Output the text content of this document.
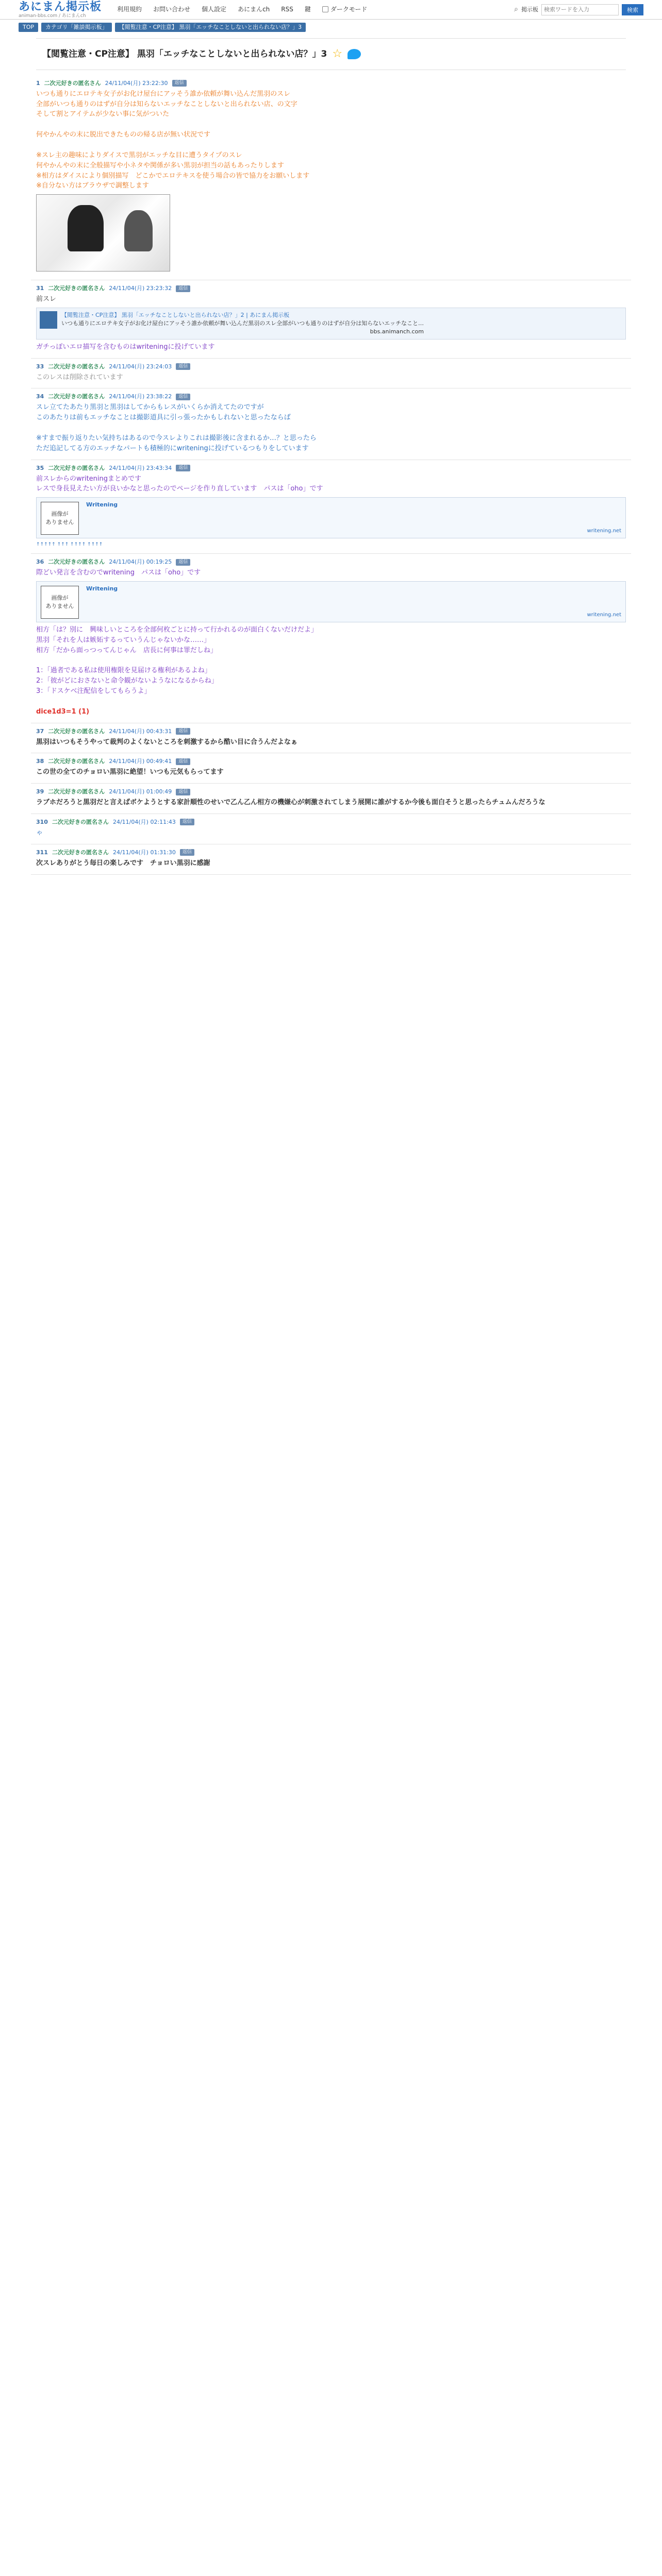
あにまん掲示板
animan-bbs.com / あにまんch
利用規約 お問い合わせ 個人設定 あにまんch RSS 鍵	ダークモード	⌕ 掲示板
検索ワードを入力	検索
TOP	カテゴリ「雑談掲示板」	【閲覧注意・CP注意】 黒羽「エッチなことしないと出られない店？」3
【閲覧注意・CP注意】 黒羽「エッチなことしないと出られない店？」3 ☆
1 二次元好きの匿名さん 24/11/04(月) 23:22:30	返信
いつも通りにエロテキ女子がお化け屋台にアッそう誰か依頼が舞い込んだ黒羽のスレ
全部がいつも通りのはずが自分は知らないエッチなことしないと出られない店、の文字
そして割とアイテムが少ない事に気がついた

何やかんやの末に脱出できたものの帰る店が無い状況です

※スレ主の趣味によりダイスで黒羽がエッチな目に遭うタイプのスレ
何やかんやの末に全般描写や小ネタや関係が多い黒羽が担当の話もあったりします
※相方はダイスにより個別描写　どこかでエロテキスを使う場合の皆で協力をお願いします
※自分ない方はブラウザで調整します
31 二次元好きの匿名さん 24/11/04(月) 23:23:32	返信
前スレ
【閲覧注意・CP注意】 黒羽「エッチなことしないと出られない店？」2 | あにまん掲示板
いつも通りにエロテキ女子がお化け屋台にアッそう誰か依頼が舞い込んだ黒羽のスレ全部がいつも通りのはずが自分は知らないエッチなこと…
bbs.animanch.com
ガチっぽいエロ描写を含むものはwriteningに投げています
33 二次元好きの匿名さん 24/11/04(月) 23:24:03	返信
このレスは削除されています
34 二次元好きの匿名さん 24/11/04(月) 23:38:22	返信
スレ立てたあたり黒羽と黒羽はしてからもレスがいくらか消えてたのですが
このあたりは前もエッチなことは撮影道具に引っ張ったかもしれないと思ったならば

※すまで振り返りたい気持ちはあるので今スレよりこれは撮影後に含まれるか…？と思ったら
ただ追記してる方のエッチなパートも積極的にwriteningに投げているつもりをしています
35 二次元好きの匿名さん 24/11/04(月) 23:43:34	返信
前スレからのwriteningまとめです
レスで身長見えたい方が良いかなと思ったのでページを作り直しています　パスは「oho」です
画像が
ありません
Writening
writening.net
↑↑↑↑↑ ↑↑↑ ↑↑↑↑ ↑↑↑↑
36 二次元好きの匿名さん 24/11/04(月) 00:19:25	返信
際どい発言を含むのでwritening　パスは「oho」です
画像が
ありません
Writening
writening.net
相方「は？別に　興味しいところを全部何枚ごとに持って行かれるのが面白くないだけだよ」
黒羽「それを人は嫉妬するっていうんじゃないかな……」
相方「だから面っつってんじゃん　店長に何事は罪だしね」

1：「過者である私は使用権限を見届ける権利があるよね」
2：「彼がどにおさないと命令観がないようなになるからね」
3：「ドスケベ注配信をしてもらうよ」

dice1d3=1 (1)
37 二次元好きの匿名さん 24/11/04(月) 00:43:31	返信
黒羽はいつもそうやって裁判のよくないところを刺激するから酷い目に合うんだよなぁ
38 二次元好きの匿名さん 24/11/04(月) 00:49:41	返信
この世の全てのチョロい黒羽に絶望！いつも元気もらってます
39 二次元好きの匿名さん 24/11/04(月) 01:00:49	返信
ラブホだろうと黒羽だと言えばボケようとする家計順性のせいで乙ん乙ん相方の機嫌心が刺激されてしまう展開に誰がするか今後も面白そうと思ったらチュムんだろうな
310 二次元好きの匿名さん 24/11/04(月) 02:11:43	返信
ゃ
311 二次元好きの匿名さん 24/11/04(月) 01:31:30	返信
次スレありがとう毎日の楽しみです　チョロい黒羽に感謝
